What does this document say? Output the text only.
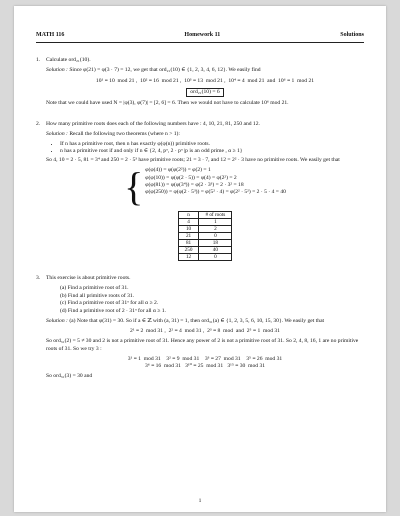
MATH 116	Homework 11	Solutions
1. Calculate ord₂₁(10).
Solution : Since φ(21) = φ(3 · 7) = 12, we get that ord₂₁(10) ∈ {1, 2, 3, 4, 6, 12}. We easily find
10¹ ≡ 10  mod 21 ,  10² ≡ 16  mod 21 ,  10³ ≡ 13  mod 21 ,  10⁴ ≡ 4  mod 21  and  10⁶ ≡ 1  mod 21
ord₂₁(10) = 6
Note that we could have used N = |φ(3), φ(7)| = [2, 6] = 6. Then we would not have to calculate 10⁶ mod 21.
2. How many primitive roots does each of the following numbers have : 4, 10, 21, 81, 250 and 12.
Solution : Recall the following two theorems (where n > 1):
• If n has a primitive root, then n has exactly φ(φ(n)) primitive roots.
• n has a primitive root if and only if n ∈ {2, 4, pᵅ, 2 · pᵅ |p is an odd prime , α ≥ 1}
So 4, 10 = 2 · 5, 81 = 3⁴ and 250 = 2 · 5³ have primitive roots; 21 = 3 · 7, and 12 = 2² · 3 have no primitive roots. We easily get that
{ φ(φ(4)) = φ(φ(2²)) = φ(2) = 1
φ(φ(10)) = φ(φ(2 · 5)) = φ(4) = φ(2²) = 2
φ(φ(81)) = φ(φ(3⁴)) = φ(2 · 3³) = 2 · 3² = 18
φ(φ(250)) = φ(φ(2 · 5³)) = φ(5² · 4) = φ(2² · 5²) = 2 · 5 · 4 = 40
n	# of roots
4	1
10	2
21	0
81	18
250	40
12	0
3. This exercise is about primitive roots.
(a) Find a primitive root of 31.
(b) Find all primitive roots of 31.
(c) Find a primitive root of 31ᵅ for all α ≥ 2.
(d) Find a primitive root of 2 · 31ᵅ for all α ≥ 1.
Solution : (a) Note that φ(31) = 30. So if a ∈ ℤ with (a, 31) = 1, then ord₃₁(a) ∈ {1, 2, 3, 5, 6, 10, 15, 30}. We easily get that
2¹ ≡ 2  mod 31 ,  2² ≡ 4  mod 31 ,  2³ ≡ 8  mod  and  2⁵ ≡ 1  mod 31
So ord₃₁(2) = 5 ≠ 30 and 2 is not a primitive root of 31. Hence any power of 2 is not a primitive root of 31. So 2, 4, 8, 16, 1 are no primitive roots of 31. So we try 3 :
3¹ ≡ 1  mod 31    3² ≡ 9  mod 31    3³ ≡ 27  mod 31    3⁵ ≡ 26  mod 31
3⁶ ≡ 16  mod 31   3¹⁰ ≡ 25  mod 31   3¹⁵ ≡ 30  mod 31
So ord₃₁(3) = 30 and
1
